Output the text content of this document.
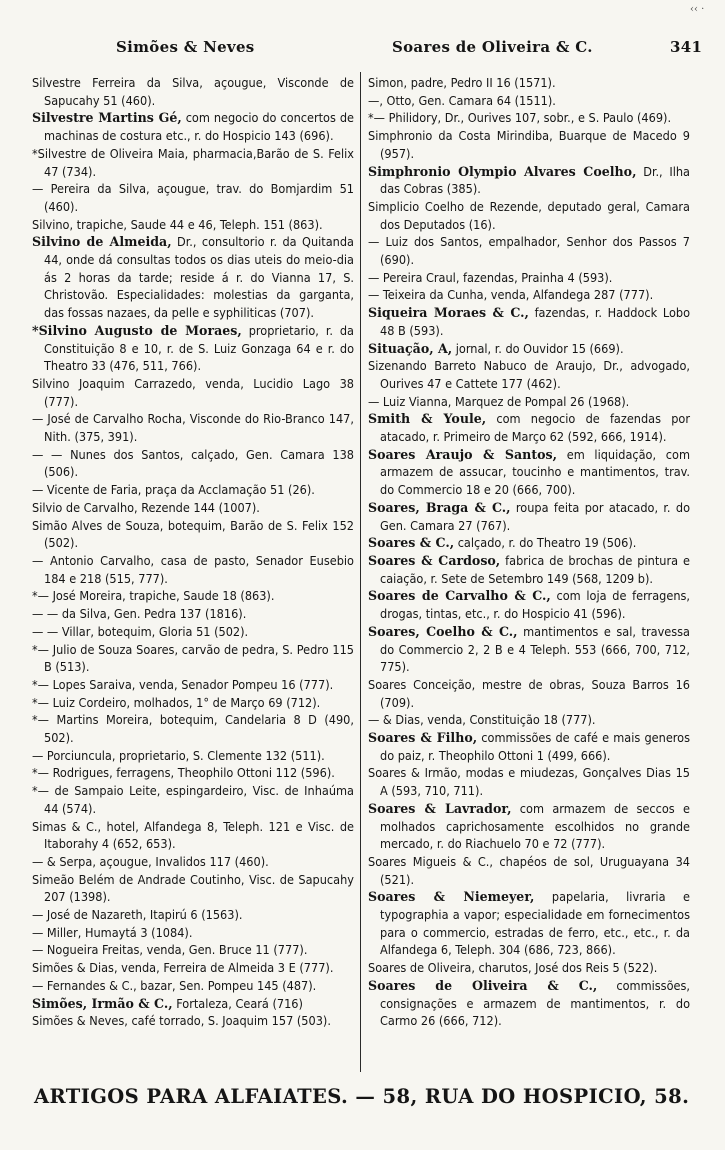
‹‹ ·
Simões & Neves	Soares de Oliveira & C.	341

Silvestre Ferreira da Silva, açougue, Visconde de Sapucahy 51 (460).

Silvestre Martins Gé, com negocio do concertos de machinas de costura etc., r. do Hospicio 143 (696).

*Silvestre de Oliveira Maia, pharmacia,Barão de S. Felix 47 (734).

— Pereira da Silva, açougue, trav. do Bomjardim 51 (460).

Silvino, trapiche, Saude 44 e 46, Teleph. 151 (863).

Silvino de Almeida, Dr., consultorio r. da Quitanda 44, onde dá consultas todos os dias uteis do meio-dia ás 2 horas da tarde; reside á r. do Vianna 17, S. Christovão. Especialidades: molestias da garganta, das fossas nazaes, da pelle e syphiliticas (707).

*Silvino Augusto de Moraes, proprietario, r. da Constituição 8 e 10, r. de S. Luiz Gonzaga 64 e r. do Theatro 33 (476, 511, 766).

Silvino Joaquim Carrazedo, venda, Lucidio Lago 38 (777).

— José de Carvalho Rocha, Visconde do Rio-Branco 147, Nith. (375, 391).

— — Nunes dos Santos, calçado, Gen. Camara 138 (506).

— Vicente de Faria, praça da Acclamação 51 (26).

Silvio de Carvalho, Rezende 144 (1007).

Simão Alves de Souza, botequim, Barão de S. Felix 152 (502).

— Antonio Carvalho, casa de pasto, Senador Eusebio 184 e 218 (515, 777).

*— José Moreira, trapiche, Saude 18 (863).

— — da Silva, Gen. Pedra 137 (1816).

— — Villar, botequim, Gloria 51 (502).

*— Julio de Souza Soares, carvão de pedra, S. Pedro 115 B (513).

*— Lopes Saraiva, venda, Senador Pompeu 16 (777).

*— Luiz Cordeiro, molhados, 1° de Março 69 (712).

*— Martins Moreira, botequim, Candelaria 8 D (490, 502).

— Porciuncula, proprietario, S. Clemente 132 (511).

*— Rodrigues, ferragens, Theophilo Ottoni 112 (596).

*— de Sampaio Leite, espingardeiro, Visc. de Inhaúma 44 (574).

Simas & C., hotel, Alfandega 8, Teleph. 121 e Visc. de Itaborahy 4 (652, 653).

— & Serpa, açougue, Invalidos 117 (460).

Simeão Belém de Andrade Coutinho, Visc. de Sapucahy 207 (1398).

— José de Nazareth, Itapirú 6 (1563).

— Miller, Humaytá 3 (1084).

— Nogueira Freitas, venda, Gen. Bruce 11 (777).

Simões & Dias, venda, Ferreira de Almeida 3 E (777).

— Fernandes & C., bazar, Sen. Pompeu 145 (487).

Simões, Irmão & C., Fortaleza, Ceará (716)

Simões & Neves, café torrado, S. Joaquim 157 (503).

Simon, padre, Pedro II 16 (1571).

—, Otto, Gen. Camara 64 (1511).

*— Philidory, Dr., Ourives 107, sobr., e S. Paulo (469).

Simphronio da Costa Mirindiba, Buarque de Macedo 9 (957).

Simphronio Olympio Alvares Coelho, Dr., Ilha das Cobras (385).

Simplicio Coelho de Rezende, deputado geral, Camara dos Deputados (16).

— Luiz dos Santos, empalhador, Senhor dos Passos 7 (690).

— Pereira Craul, fazendas, Prainha 4 (593).

— Teixeira da Cunha, venda, Alfandega 287 (777).

Siqueira Moraes & C., fazendas, r. Haddock Lobo 48 B (593).

Situação, A, jornal, r. do Ouvidor 15 (669).

Sizenando Barreto Nabuco de Araujo, Dr., advogado, Ourives 47 e Cattete 177 (462).

— Luiz Vianna, Marquez de Pompal 26 (1968).

Smith & Youle, com negocio de fazendas por atacado, r. Primeiro de Março 62 (592, 666, 1914).

Soares Araujo & Santos, em liquidação, com armazem de assucar, toucinho e mantimentos, trav. do Commercio 18 e 20 (666, 700).

Soares, Braga & C., roupa feita por atacado, r. do Gen. Camara 27 (767).

Soares & C., calçado, r. do Theatro 19 (506).

Soares & Cardoso, fabrica de brochas de pintura e caiação, r. Sete de Setembro 149 (568, 1209 b).

Soares de Carvalho & C., com loja de ferragens, drogas, tintas, etc., r. do Hospicio 41 (596).

Soares, Coelho & C., mantimentos e sal, travessa do Commercio 2, 2 B e 4 Teleph. 553 (666, 700, 712, 775).

Soares Conceição, mestre de obras, Souza Barros 16 (709).

— & Dias, venda, Constituição 18 (777).

Soares & Filho, commissões de café e mais generos do paiz, r. Theophilo Ottoni 1 (499, 666).

Soares & Irmão, modas e miudezas, Gonçalves Dias 15 A (593, 710, 711).

Soares & Lavrador, com armazem de seccos e molhados caprichosamente escolhidos no grande mercado, r. do Riachuelo 70 e 72 (777).

Soares Migueis & C., chapéos de sol, Uruguayana 34 (521).

Soares & Niemeyer, papelaria, livraria e typographia a vapor; especialidade em fornecimentos para o commercio, estradas de ferro, etc., etc., r. da Alfandega 6, Teleph. 304 (686, 723, 866).

Soares de Oliveira, charutos, José dos Reis 5 (522).

Soares de Oliveira & C., commissões, consignações e armazem de mantimentos, r. do Carmo 26 (666, 712).

ARTIGOS PARA ALFAIATES. — 58, RUA DO HOSPICIO, 58.
